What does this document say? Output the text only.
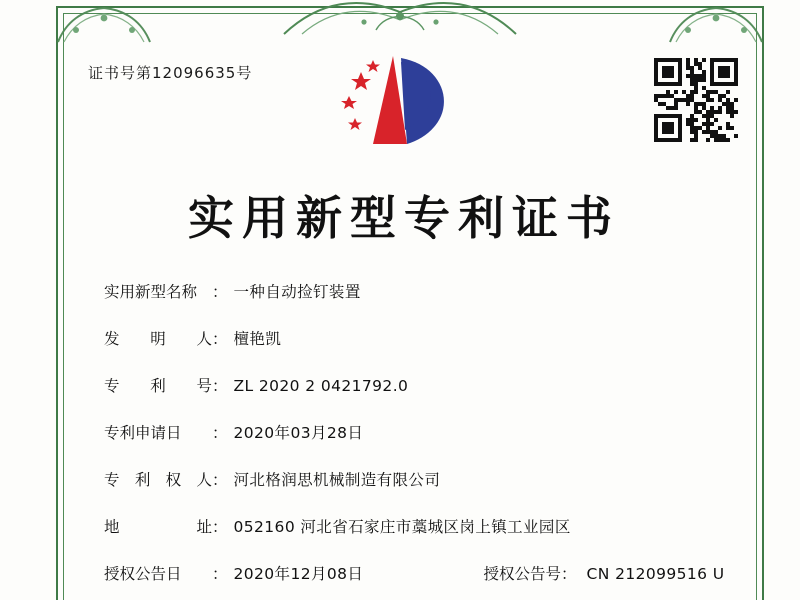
证书号第12096635号
实用新型专利证书
实用新型名称 ： 一种自动捡钉装置
发 明 人 ： 檀艳凯
专 利 号 ： ZL 2020 2 0421792.0
专利申请日	： 2020年03月28日
专 利 权 人 ： 河北格润思机械制造有限公司
地	址 ： 052160 河北省石家庄市藁城区岗上镇工业园区
授权公告日	： 2020年12月08日	授权公告号 ： CN 212099516 U
